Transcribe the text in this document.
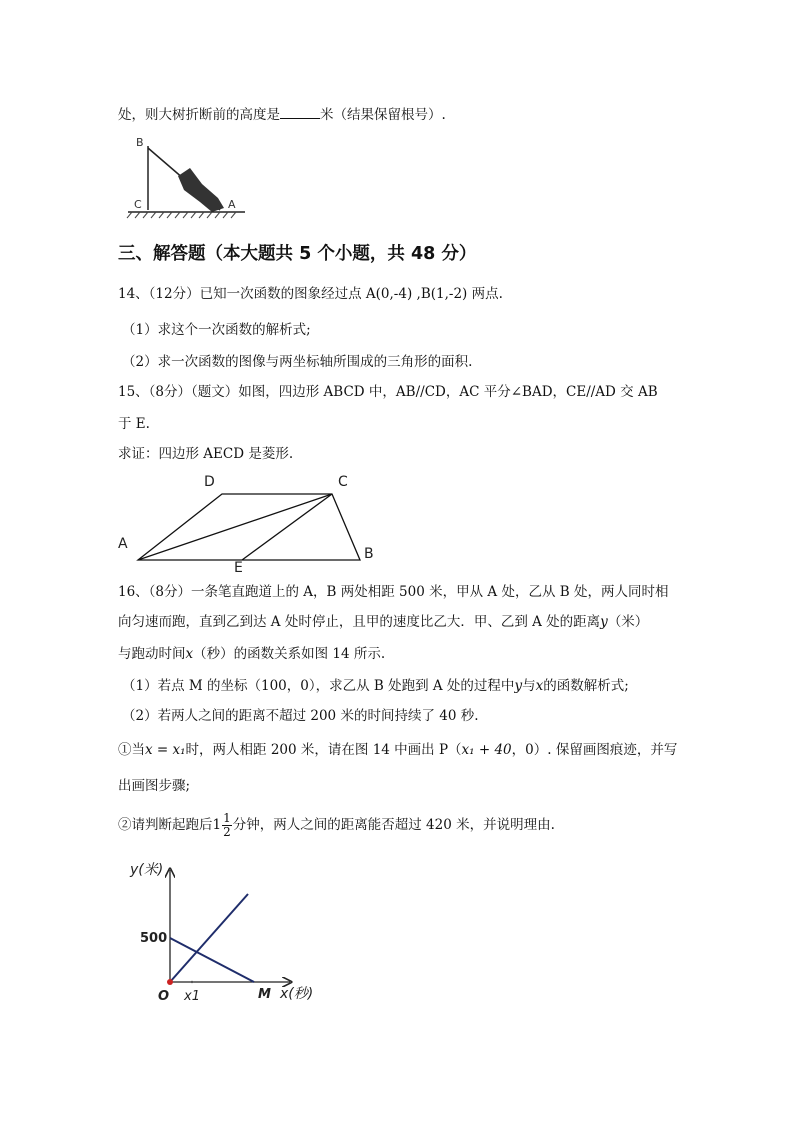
处，则大树折断前的高度是	米（结果保留根号）.
B
C	A
三、解答题（本大题共 5 个小题，共 48 分）
14、（12分）已知一次函数的图象经过点 A(0,-4) ,B(1,-2) 两点.
（1）求这个一次函数的解析式;
（2）求一次函数的图像与两坐标轴所围成的三角形的面积.
15、（8分）（题文）如图，四边形 ABCD 中，AB//CD，AC 平分∠BAD，CE//AD 交 AB
于 E.
求证：四边形 AECD 是菱形.
D	C
A
E
B
16、（8分）一条笔直跑道上的 A，B 两处相距 500 米，甲从 A 处，乙从 B 处，两人同时相
向匀速而跑，直到乙到达 A 处时停止，且甲的速度比乙大．甲、乙到 A 处的距离y（米）
与跑动时间x（秒）的函数关系如图 14 所示.
（1）若点 M 的坐标（100，0），求乙从 B 处跑到 A 处的过程中y与x的函数解析式;
（2）若两人之间的距离不超过 200 米的时间持续了 40 秒.
①当x = x₁时，两人相距 200 米，请在图 14 中画出 P（x₁ + 40，0）. 保留画图痕迹，并写
出画图步骤;
②请判断起跑后$1 \frac{1}{2}$ 分钟，两人之间的距离能否超过 420 米，并说明理由.
y(米)
500
O x1	M x(秒)
